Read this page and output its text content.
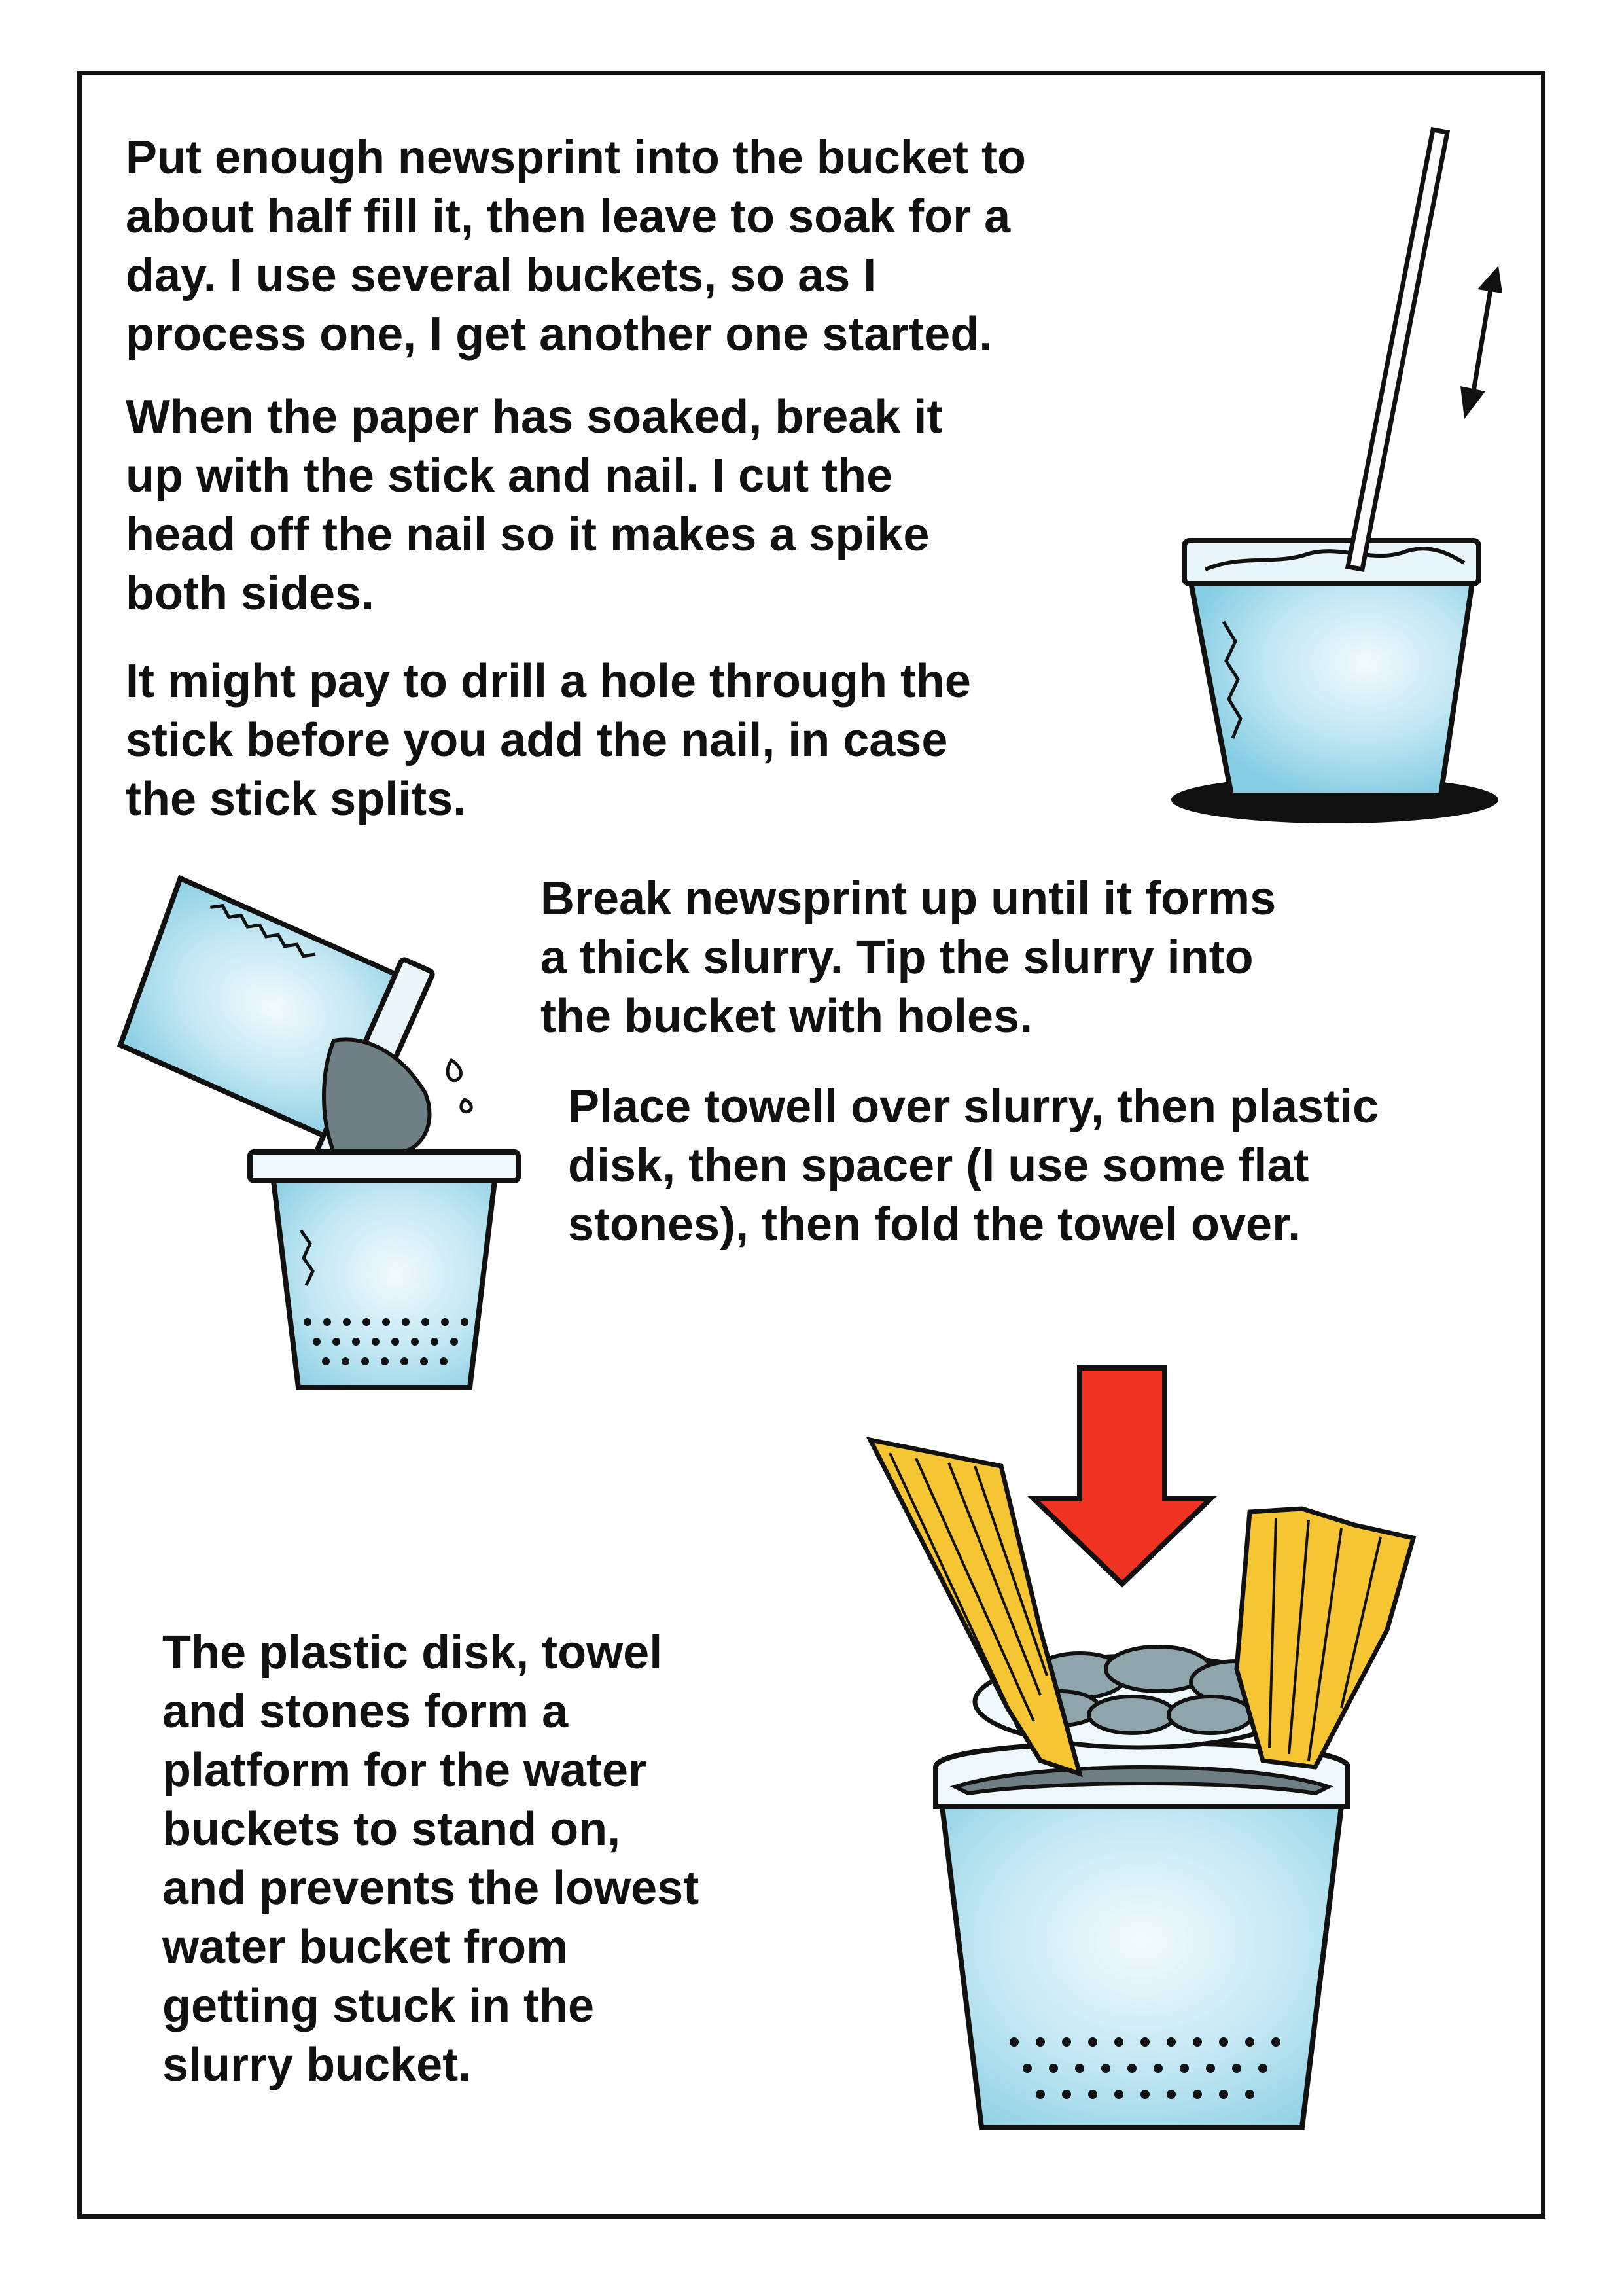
Put enough newsprint into the bucket to
about half fill it, then leave to soak for a
day. I use several buckets, so as I
process one, I get another one started.

When the paper has soaked, break it
up with the stick and nail. I cut the
head off the nail so it makes a spike
both sides.

It might pay to drill a hole through the
stick before you add the nail, in case
the stick splits.

Break newsprint up until it forms
a thick slurry. Tip the slurry into
the bucket with holes.

Place towell over slurry, then plastic
disk, then spacer (I use some flat
stones), then fold the towel over.

The plastic disk, towel
and stones form a
platform for the water
buckets to stand on,
and prevents the lowest
water bucket from
getting stuck in the
slurry bucket.
